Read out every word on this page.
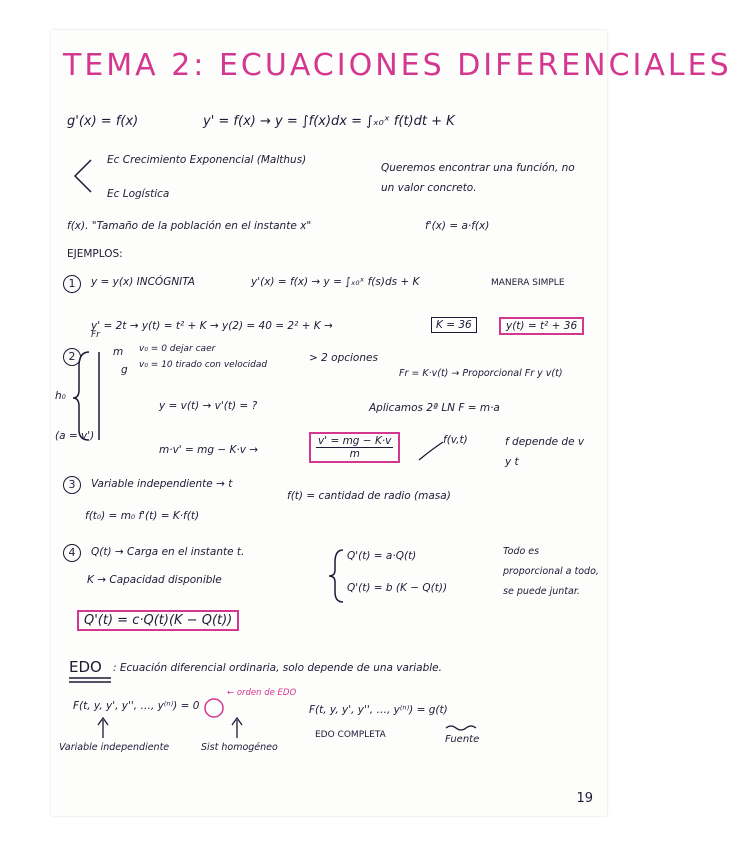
TEMA 2: ECUACIONES DIFERENCIALES
g'(x) = f(x)	y' = f(x) → y = ∫f(x)dx = ∫ₓ₀ˣ f(t)dt + K
Ec Crecimiento Exponencial (Malthus)
Ec Logística
Queremos encontrar una función, no un valor concreto.
f(x). "Tamaño de la población en el instante x"	f'(x) = a·f(x)
EJEMPLOS:
1	y = y(x) INCÓGNITA	y'(x) = f(x) → y = ∫ₓ₀ˣ f(s)ds + K	MANERA SIMPLE
y' = 2t → y(t) = t² + K → y(2) = 40 = 2² + K →	K = 36	y(t) = t² + 36
2
Fr
m
g
h₀
v₀ = 0 dejar caer
v₀ = 10 tirado con velocidad
> 2 opciones
Fr = K·v(t) → Proporcional Fr y v(t)
y = v(t) → v'(t) = ?	Aplicamos 2ª LN F = m·a
(a = v')
m·v' = mg − K·v →	$\frac{v' = mg - K\cdot v}{m}$	f(v,t)	f depende de v y t
3	Variable independiente → t
f(t) = cantidad de radio (masa)
f(t₀) = m₀ f'(t) = K·f(t)
4	Q(t) → Carga en el instante t.
K → Capacidad disponible
Q'(t) = a·Q(t)
Q'(t) = b (K − Q(t))
Todo es proporcional a todo, se puede juntar.
Q'(t) = c·Q(t)(K − Q(t))
EDO : Ecuación diferencial ordinaria, solo depende de una variable.
← orden de EDO
F(t, y, y', y'', …, y⁽ⁿ⁾) = 0	F(t, y, y', y'', …, y⁽ⁿ⁾) = g(t)
Variable independiente	Sist homogéneo
EDO COMPLETA	Fuente
19
